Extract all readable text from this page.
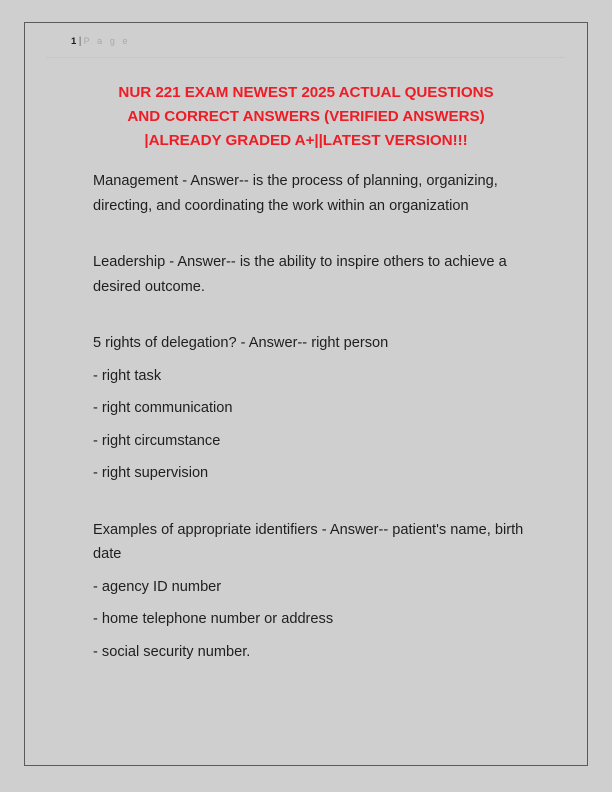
1 | P a g e
NUR 221 EXAM NEWEST 2025 ACTUAL QUESTIONS
AND CORRECT ANSWERS (VERIFIED ANSWERS)
|ALREADY GRADED A+||LATEST VERSION!!!

Management - Answer-- is the process of planning, organizing, directing, and coordinating the work within an organization

Leadership - Answer-- is the ability to inspire others to achieve a desired outcome.

5 rights of delegation? - Answer-- right person

- right task

- right communication

- right circumstance

- right supervision

Examples of appropriate identifiers - Answer-- patient's name, birth date

- agency ID number

- home telephone number or address

- social security number.
